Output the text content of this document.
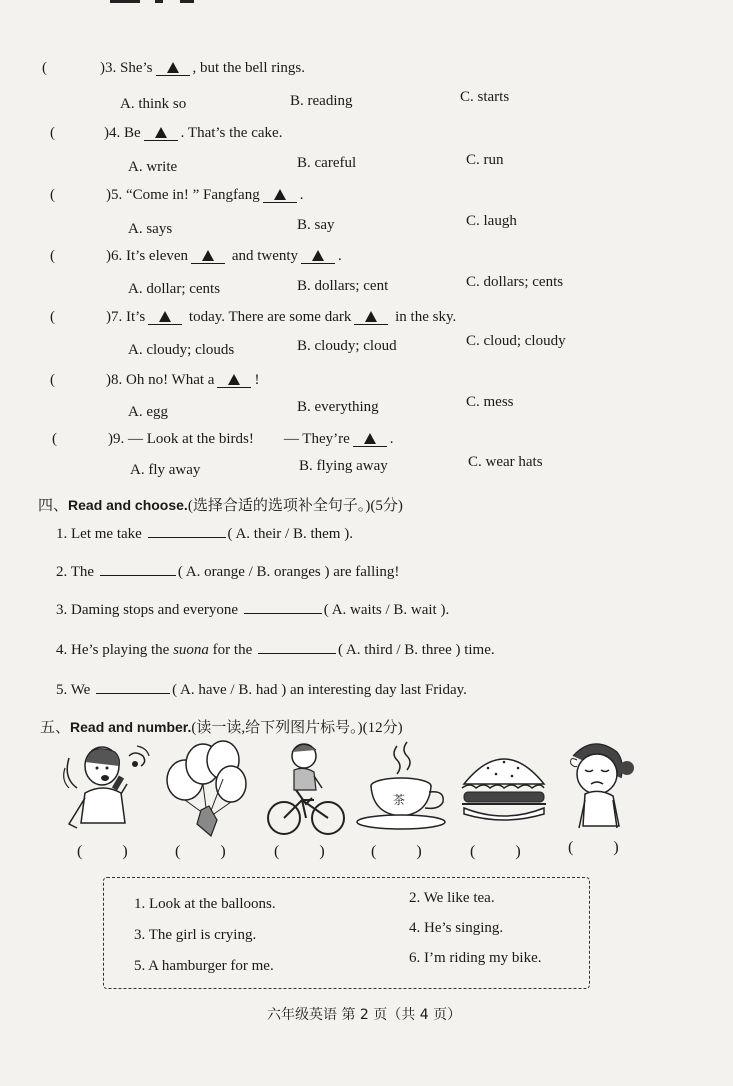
(	)3. She’s	, but the bell rings.
A. think so	B. reading	C. starts
(	)4. Be	. That’s the cake.
A. write	B. careful	C. run
(	)5. “Come in! ” Fangfang	.
A. says	B. say	C. laugh
(	)6. It’s eleven	and twenty	.
A. dollar; cents	B. dollars; cent	C. dollars; cents
(	)7. It’s	today. There are some dark	in the sky.
A. cloudy; clouds	B. cloudy; cloud	C. cloud; cloudy
(	)8. Oh no! What a	!
A. egg	B. everything	C. mess
(	)9. — Look at the birds! — They’re	.
A. fly away	B. flying away	C. wear hats
四、Read and choose.(选择合适的选项补全句子。)(5分)
1. Let me take	( A. their / B. them ).
2. The	( A. orange / B. oranges ) are falling!
3. Daming stops and everyone	( A. waits / B. wait ).
4. He’s playing the suona for the	( A. third / B. three ) time.
5. We	( A. have / B. had ) an interesting day last Friday.
五、Read and number.(读一读,给下列图片标号。)(12分)
茶
(          )	(          )	(          )	(          )	(          )	(          )
1. Look at the balloons.	2. We like tea.
3. The girl is crying.	4. He’s singing.
5. A hamburger for me.	6. I’m riding my bike.
六年级英语 第 2 页（共 4 页）
